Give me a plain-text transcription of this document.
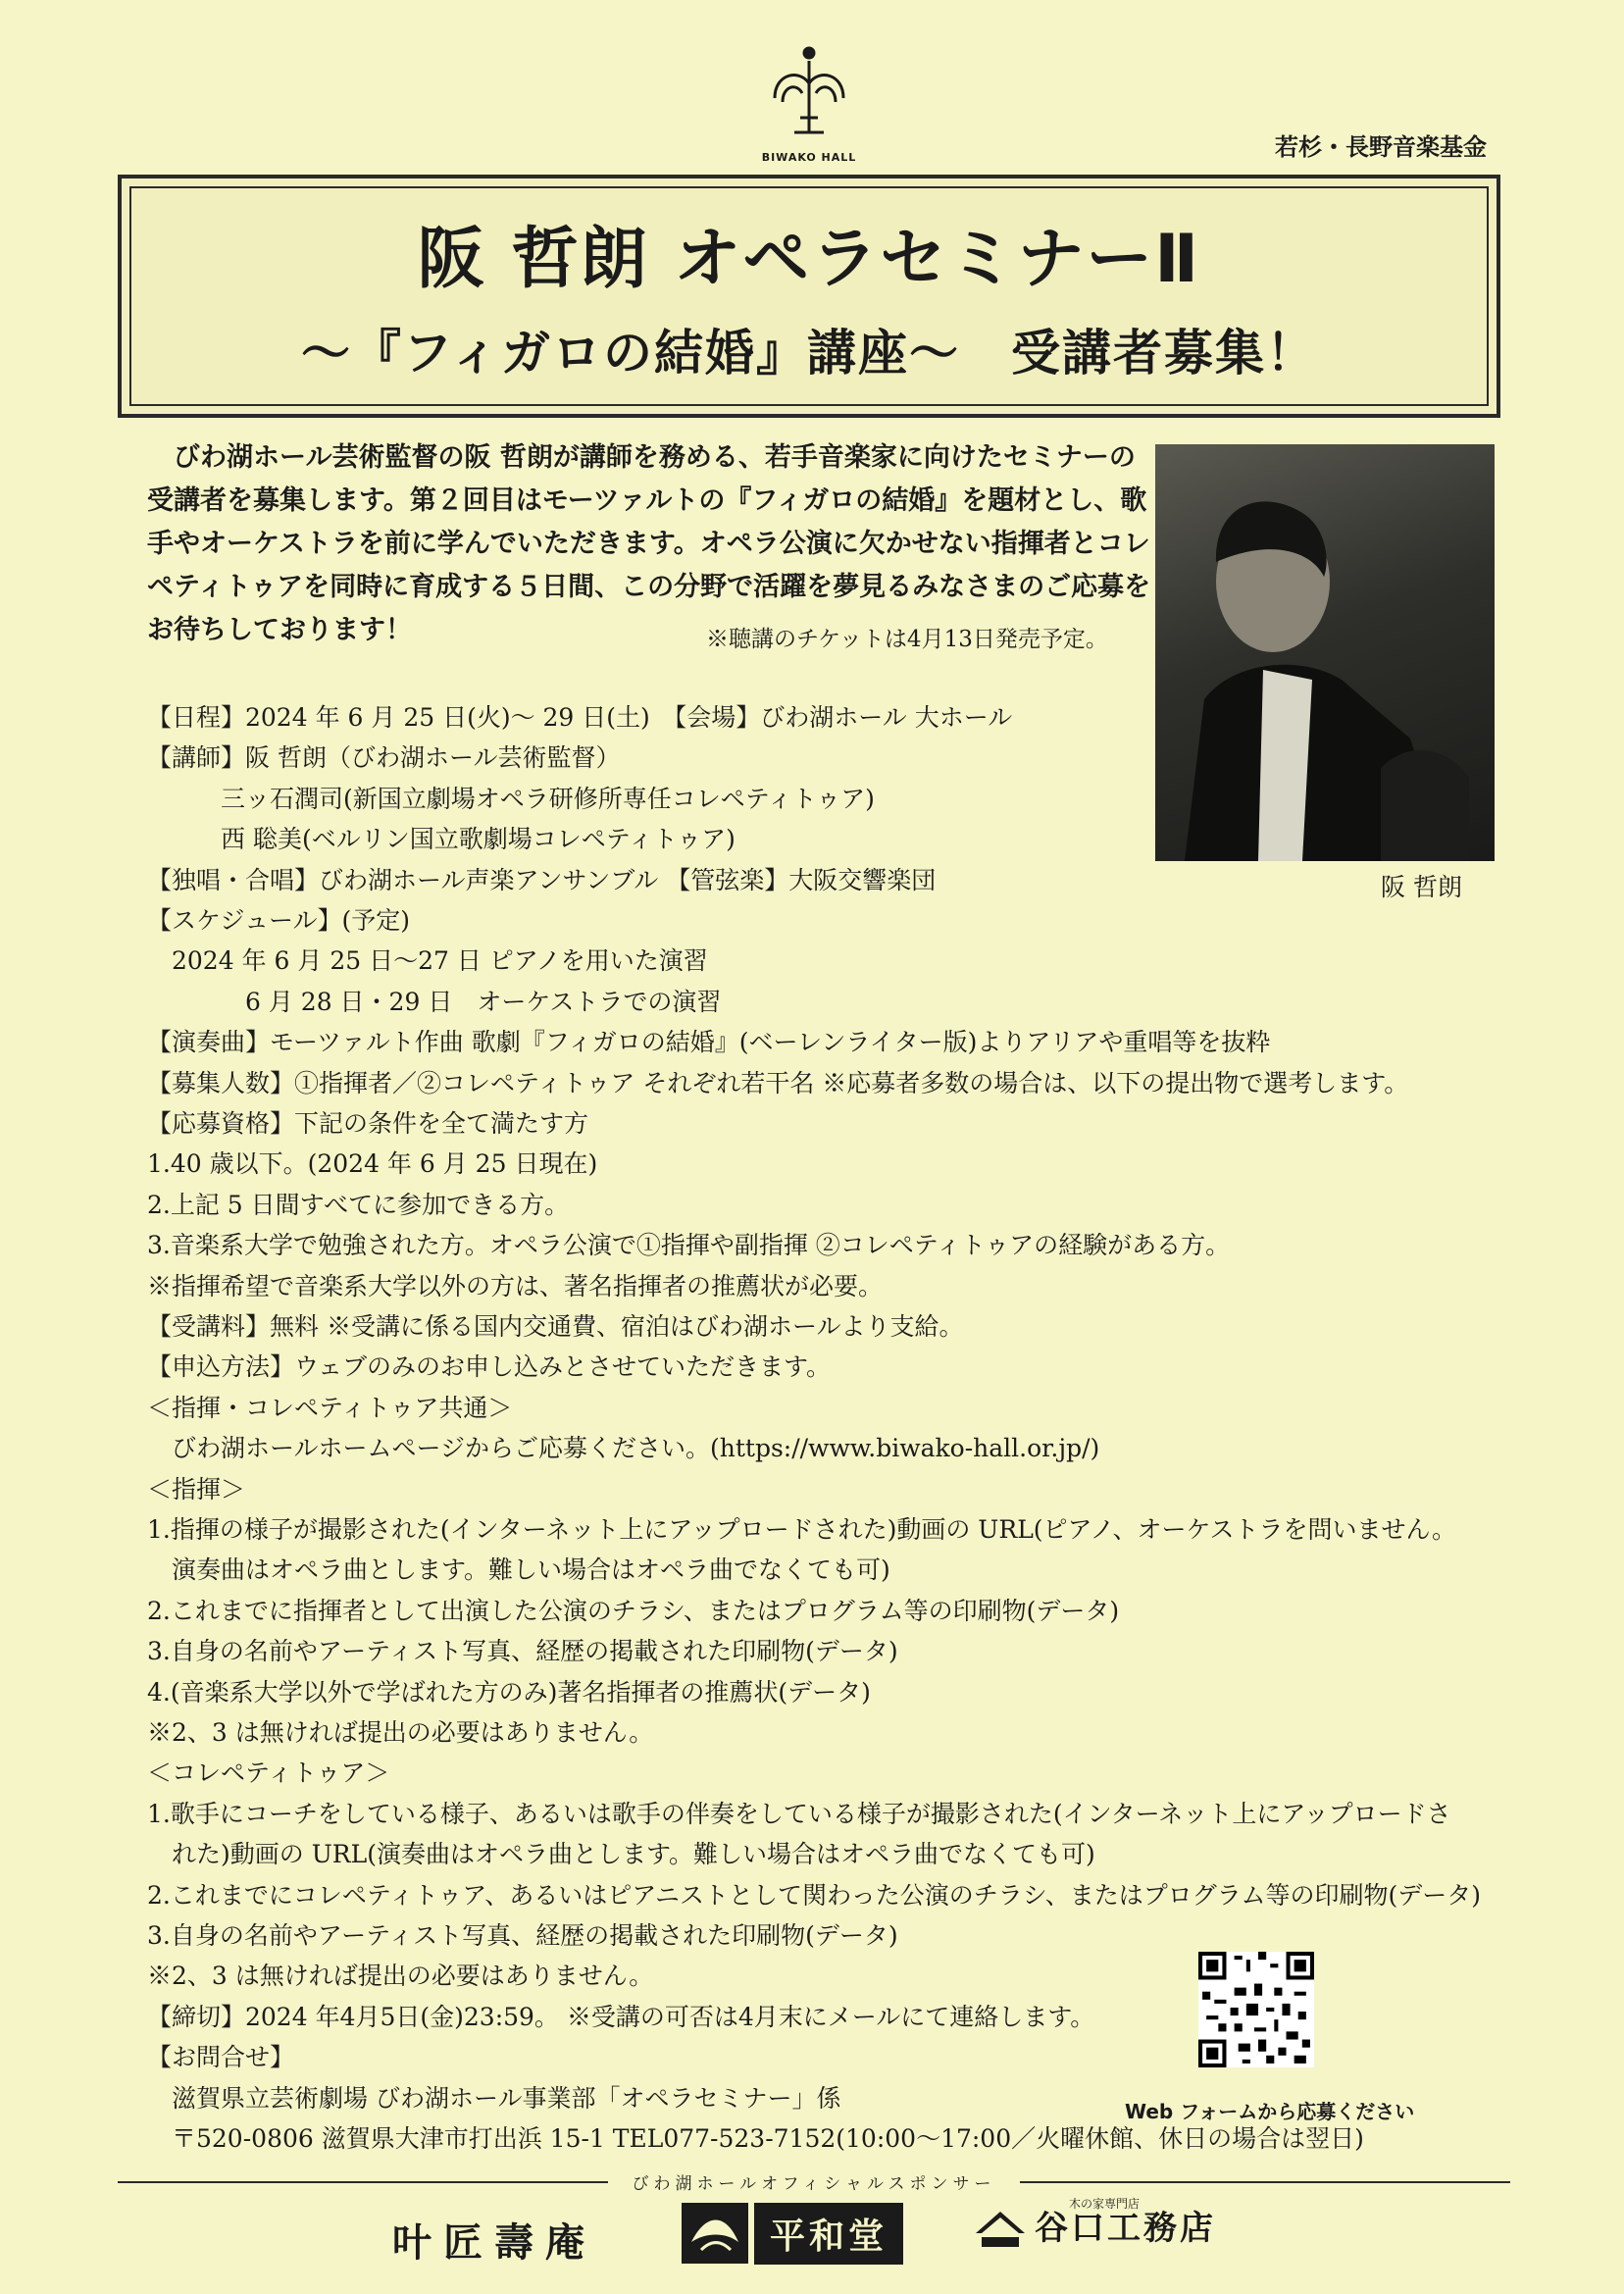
BIWAKO HALL	若杉・長野音楽基金
阪 哲朗 オペラセミナーⅡ
～『フィガロの結婚』講座～　受講者募集！
びわ湖ホール芸術監督の阪 哲朗が講師を務める、若手音楽家に向けたセミナーの受講者を募集します。第２回目はモーツァルトの『フィガロの結婚』を題材とし、歌手やオーケストラを前に学んでいただきます。オペラ公演に欠かせない指揮者とコレペティトゥアを同時に育成する５日間、この分野で活躍を夢見るみなさまのご応募をお待ちしております！	※聴講のチケットは4月13日発売予定。
阪 哲朗
【日程】2024 年 6 月 25 日(火)～ 29 日(土)　【会場】びわ湖ホール 大ホール
【講師】阪 哲朗（びわ湖ホール芸術監督）
　　　三ッ石潤司(新国立劇場オペラ研修所専任コレペティトゥア)
　　　西 聡美(ベルリン国立歌劇場コレペティトゥア)
【独唱・合唱】びわ湖ホール声楽アンサンブル 【管弦楽】大阪交響楽団
【スケジュール】(予定)
　2024 年 6 月 25 日～27 日 ピアノを用いた演習
　　　　6 月 28 日・29 日　オーケストラでの演習
【演奏曲】モーツァルト作曲 歌劇『フィガロの結婚』(ベーレンライター版)よりアリアや重唱等を抜粋
【募集人数】①指揮者／②コレペティトゥア それぞれ若干名 ※応募者多数の場合は、以下の提出物で選考します。
【応募資格】下記の条件を全て満たす方
1.40 歳以下。(2024 年 6 月 25 日現在)
2.上記 5 日間すべてに参加できる方。
3.音楽系大学で勉強された方。オペラ公演で①指揮や副指揮 ②コレペティトゥアの経験がある方。
※指揮希望で音楽系大学以外の方は、著名指揮者の推薦状が必要。
【受講料】無料 ※受講に係る国内交通費、宿泊はびわ湖ホールより支給。
【申込方法】ウェブのみのお申し込みとさせていただきます。
＜指揮・コレペティトゥア共通＞
　びわ湖ホールホームページからご応募ください。(https://www.biwako-hall.or.jp/)
＜指揮＞
1.指揮の様子が撮影された(インターネット上にアップロードされた)動画の URL(ピアノ、オーケストラを問いません。
　演奏曲はオペラ曲とします。難しい場合はオペラ曲でなくても可)
2.これまでに指揮者として出演した公演のチラシ、またはプログラム等の印刷物(データ)
3.自身の名前やアーティスト写真、経歴の掲載された印刷物(データ)
4.(音楽系大学以外で学ばれた方のみ)著名指揮者の推薦状(データ)
※2、3 は無ければ提出の必要はありません。
＜コレペティトゥア＞
1.歌手にコーチをしている様子、あるいは歌手の伴奏をしている様子が撮影された(インターネット上にアップロードさ
　れた)動画の URL(演奏曲はオペラ曲とします。難しい場合はオペラ曲でなくても可)
2.これまでにコレペティトゥア、あるいはピアニストとして関わった公演のチラシ、またはプログラム等の印刷物(データ)
3.自身の名前やアーティスト写真、経歴の掲載された印刷物(データ)
※2、3 は無ければ提出の必要はありません。
【締切】2024 年4月5日(金)23:59。 ※受講の可否は4月末にメールにて連絡します。
【お問合せ】
　滋賀県立芸術劇場 びわ湖ホール事業部「オペラセミナー」係
　〒520-0806 滋賀県大津市打出浜 15-1 TEL077-523-7152(10:00～17:00／火曜休館、休日の場合は翌日)
Web フォームから応募ください
びわ湖ホールオフィシャルスポンサー
叶匠壽庵	平和堂
木の家専門店
谷口工務店
